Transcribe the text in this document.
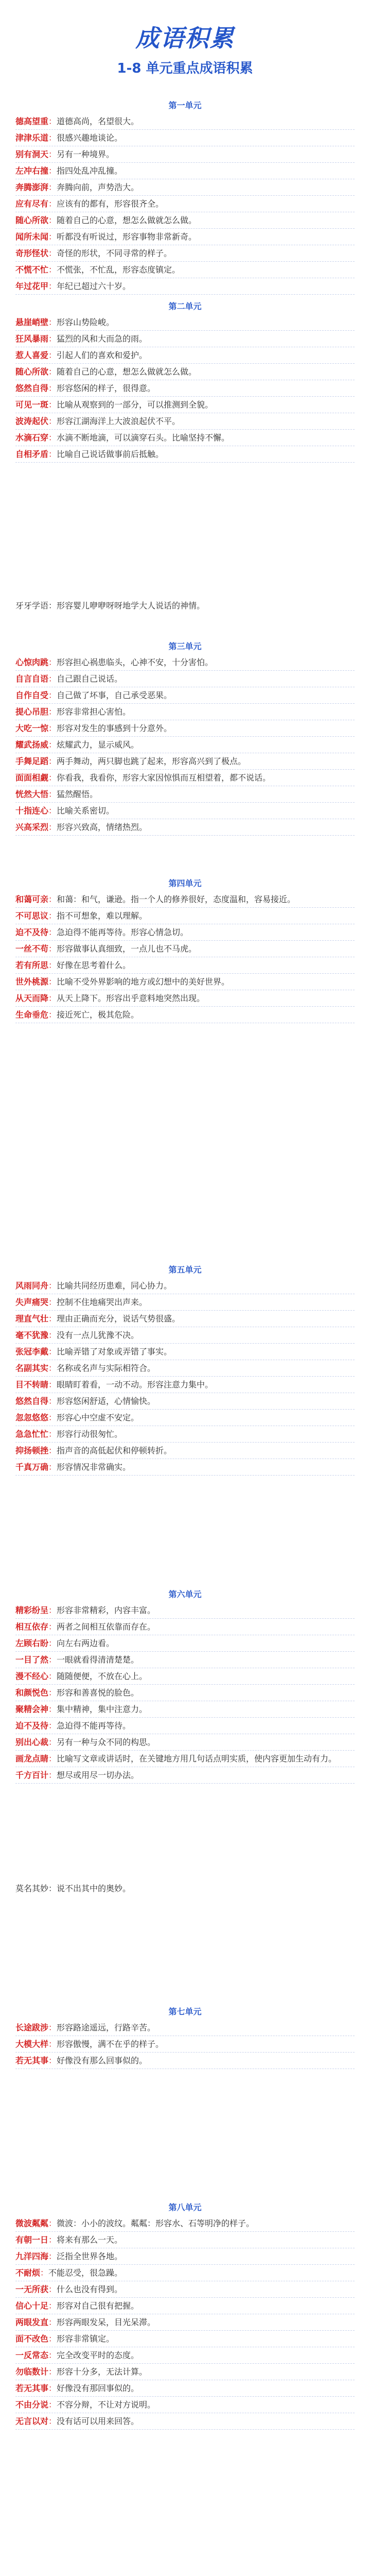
成语积累
1-8 单元重点成语积累
第一单元
德高望重：道德高尚，名望很大。
津津乐道：很感兴趣地谈论。
别有洞天：另有一种境界。
左冲右撞：指四处乱冲乱撞。
奔腾澎湃：奔腾向前，声势浩大。
应有尽有：应该有的都有，形容很齐全。
随心所欲：随着自己的心意，想怎么做就怎么做。
闻所未闻：听都没有听说过，形容事物非常新奇。
奇形怪状：奇怪的形状，不同寻常的样子。
不慌不忙：不慌张，不忙乱，形容态度镇定。
年过花甲：年纪已超过六十岁。
第二单元
悬崖峭壁：形容山势险峻。
狂风暴雨：猛烈的风和大而急的雨。
惹人喜爱：引起人们的喜欢和爱护。
随心所欲：随着自己的心意，想怎么做就怎么做。
悠然自得：形容悠闲的样子，很得意。
可见一斑：比喻从观察到的一部分，可以推测到全貌。
波涛起伏：形容江湖海洋上大波浪起伏不平。
水滴石穿：水滴不断地滴，可以滴穿石头。比喻坚持不懈。
自相矛盾：比喻自己说话做事前后抵触。
第三单元
心惊肉跳：形容担心祸患临头，心神不安，十分害怕。
自言自语：自己跟自己说话。
自作自受：自己做了坏事，自己承受恶果。
提心吊胆：形容非常担心害怕。
大吃一惊：形容对发生的事感到十分意外。
耀武扬威：炫耀武力，显示威风。
手舞足蹈：两手舞动，两只脚也跳了起来，形容高兴到了极点。
面面相觑：你看我，我看你，形容大家因惊惧而互相望着，都不说话。
恍然大悟：猛然醒悟。
十指连心：比喻关系密切。
兴高采烈：形容兴致高，情绪热烈。
第四单元
和蔼可亲：和蔼：和气，谦逊。指一个人的修养很好，态度温和，容易接近。
不可思议：指不可想象，难以理解。
迫不及待：急迫得不能再等待。形容心情急切。
一丝不苟：形容做事认真细致，一点儿也不马虎。
若有所思：好像在思考着什么。
世外桃源：比喻不受外界影响的地方或幻想中的美好世界。
从天而降：从天上降下。形容出乎意料地突然出现。
生命垂危：接近死亡，极其危险。
牙牙学语：形容婴儿咿咿呀呀地学大人说话的神情。
第五单元
风雨同舟：比喻共同经历患难，同心协力。
失声痛哭：控制不住地痛哭出声来。
理直气壮：理由正确而充分，说话气势很盛。
毫不犹豫：没有一点儿犹豫不决。
张冠李戴：比喻弄错了对象或弄错了事实。
名副其实：名称或名声与实际相符合。
目不转睛：眼睛盯着看，一动不动。形容注意力集中。
悠然自得：形容悠闲舒适，心情愉快。
忽忽悠悠：形容心中空虚不安定。
急急忙忙：形容行动很匆忙。
抑扬顿挫：指声音的高低起伏和停顿转折。
千真万确：形容情况非常确实。
第六单元
精彩纷呈：形容非常精彩，内容丰富。
相互依存：两者之间相互依靠而存在。
左顾右盼：向左右两边看。
一目了然：一眼就看得清清楚楚。
漫不经心：随随便便，不放在心上。
和颜悦色：形容和善喜悦的脸色。
聚精会神：集中精神，集中注意力。
迫不及待：急迫得不能再等待。
别出心裁：另有一种与众不同的构思。
画龙点睛：比喻写文章或讲话时，在关键地方用几句话点明实质，使内容更加生动有力。
千方百计：想尽或用尽一切办法。
莫名其妙：说不出其中的奥妙。
第七单元
长途跋涉：形容路途遥远，行路辛苦。
大模大样：形容傲慢，满不在乎的样子。
若无其事：好像没有那么回事似的。
第八单元
微波粼粼：微波：小小的波纹。粼粼：形容水、石等明净的样子。
有朝一日：将来有那么一天。
九洋四海：泛指全世界各地。
不耐烦：不能忍受，很急躁。
一无所获：什么也没有得到。
信心十足：形容对自己很有把握。
两眼发直：形容两眼发呆，目光呆滞。
面不改色：形容非常镇定。
一反常态：完全改变平时的态度。
勿临数计：形容十分多，无法计算。
若无其事：好像没有那回事似的。
不由分说：不容分辩，不让对方说明。
无言以对：没有话可以用来回答。
